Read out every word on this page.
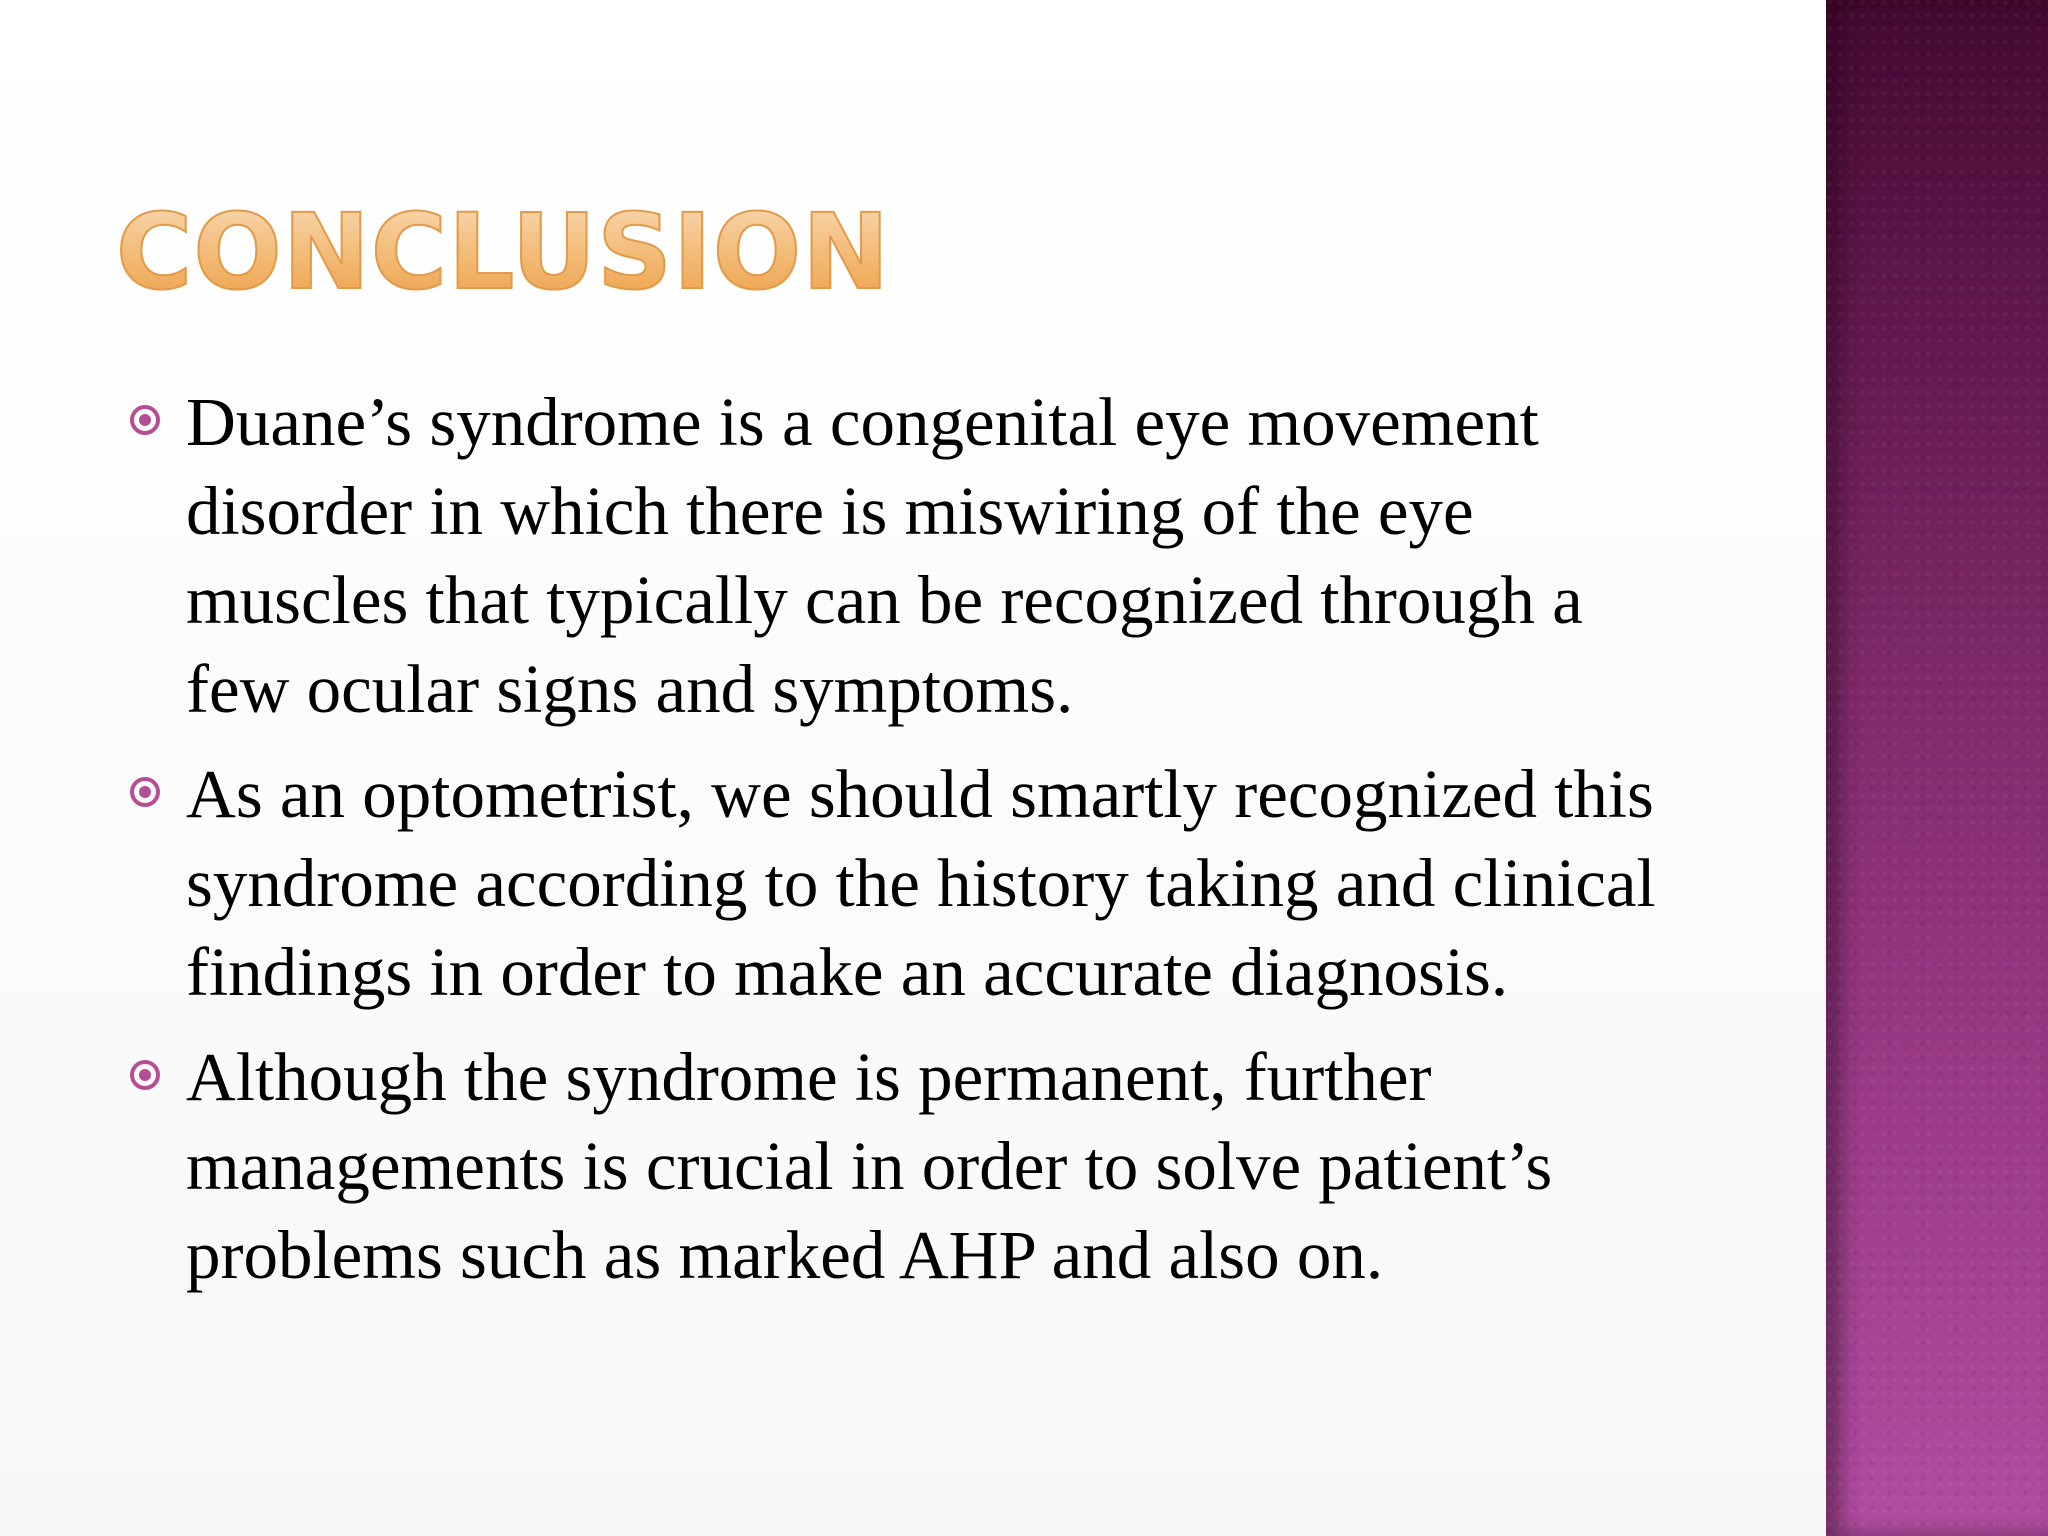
CONCLUSION
Duane’s syndrome is a congenital eye movement disorder in which there is miswiring of the eye muscles that typically can be recognized through a few ocular signs and symptoms.
As an optometrist, we should smartly recognized this syndrome according to the history taking and clinical findings in order to make an accurate diagnosis.
Although the syndrome is permanent, further managements is crucial in order to solve patient’s problems such as marked AHP and also on.
